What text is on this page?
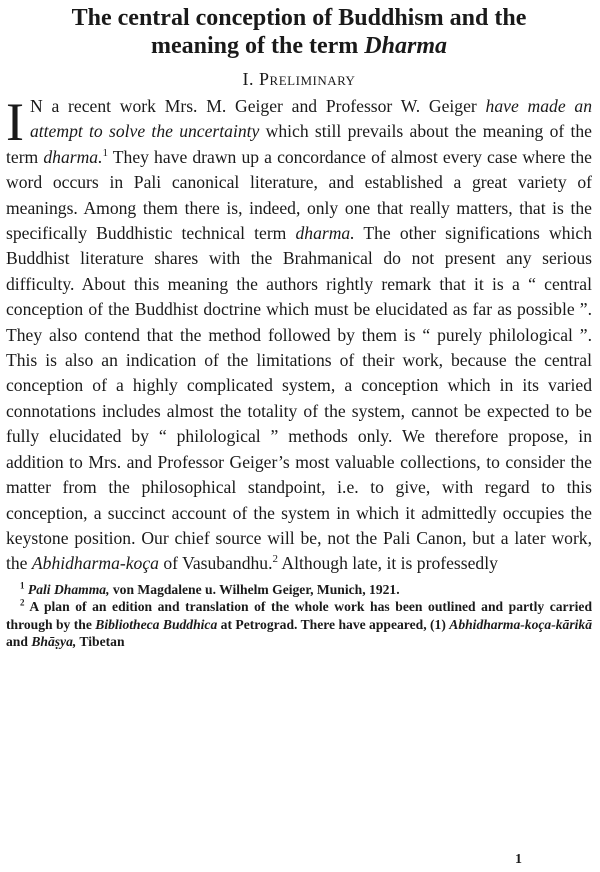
The central conception of Buddhism and the
meaning of the term Dharma
I. Preliminary

I N a recent work Mrs. M. Geiger and Professor W. Geiger have made an attempt to solve the uncertainty which still prevails about the meaning of the term dharma.$^1$ They have drawn up a concordance of almost every case where the word occurs in Pali canonical literature, and established a great variety of meanings. Among them there is, indeed, only one that really matters, that is the specifically Buddhistic technical term dharma. The other significations which Buddhist literature shares with the Brahmanical do not present any serious difficulty. About this meaning the authors rightly remark that it is a “ central conception of the Buddhist doctrine which must be elucidated as far as possible ”. They also contend that the method followed by them is “ purely philological ”. This is also an indication of the limitations of their work, because the central conception of a highly complicated system, a conception which in its varied connotations includes almost the totality of the system, cannot be expected to be fully elucidated by “ philological ” methods only. We therefore propose, in addition to Mrs. and Professor Geiger’s most valuable collections, to consider the matter from the philosophical standpoint, i.e. to give, with regard to this conception, a succinct account of the system in which it admittedly occupies the keystone position. Our chief source will be, not the Pali Canon, but a later work, the Abhidharma-koça of Vasubandhu.$^2$ Although late, it is professedly

$^1$ Pali Dhamma, von Magdalene u. Wilhelm Geiger, Munich, 1921.

$^2$ A plan of an edition and translation of the whole work has been outlined and partly carried through by the Bibliotheca Buddhica at Petrograd. There have appeared, (1) Abhidharma-koça-kārikā and Bhāṣya, Tibetan

1
